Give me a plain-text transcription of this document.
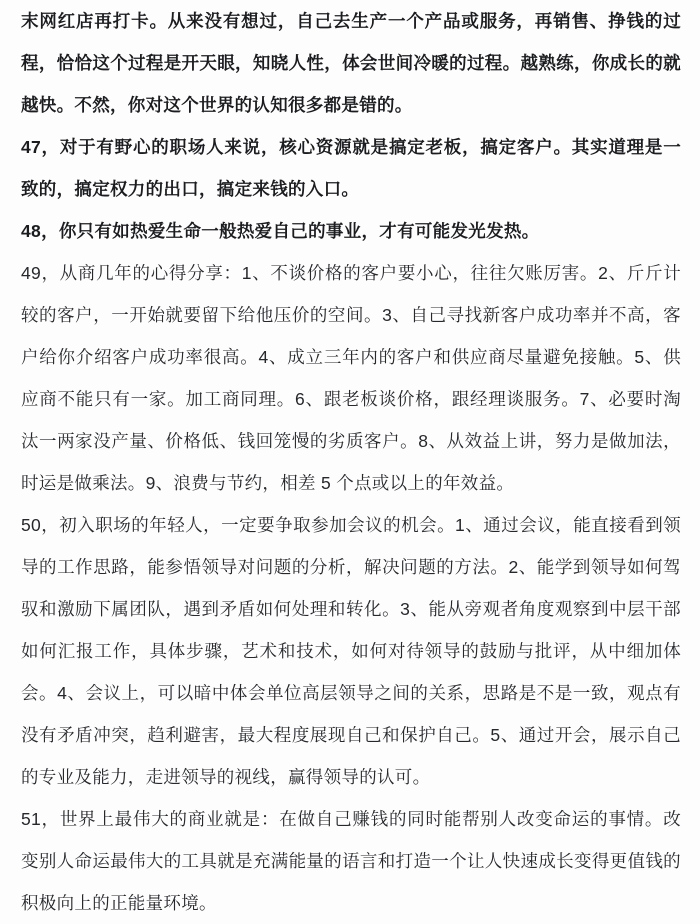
末网红店再打卡。从来没有想过，自己去生产一个产品或服务，再销售、挣钱的过程，恰恰这个过程是开天眼，知晓人性，体会世间冷暖的过程。越熟练，你成长的就越快。不然，你对这个世界的认知很多都是错的。

47，对于有野心的职场人来说，核心资源就是搞定老板，搞定客户。其实道理是一致的，搞定权力的出口，搞定来钱的入口。

48，你只有如热爱生命一般热爱自己的事业，才有可能发光发热。

49，从商几年的心得分享：1、不谈价格的客户要小心，往往欠账厉害。2、斤斤计较的客户，一开始就要留下给他压价的空间。3、自己寻找新客户成功率并不高，客户给你介绍客户成功率很高。4、成立三年内的客户和供应商尽量避免接触。5、供应商不能只有一家。加工商同理。6、跟老板谈价格，跟经理谈服务。7、必要时淘汰一两家没产量、价格低、钱回笼慢的劣质客户。8、从效益上讲，努力是做加法，时运是做乘法。9、浪费与节约，相差 5 个点或以上的年效益。

50，初入职场的年轻人，一定要争取参加会议的机会。1、通过会议，能直接看到领导的工作思路，能参悟领导对问题的分析，解决问题的方法。2、能学到领导如何驾驭和激励下属团队，遇到矛盾如何处理和转化。3、能从旁观者角度观察到中层干部如何汇报工作，具体步骤，艺术和技术，如何对待领导的鼓励与批评，从中细加体会。4、会议上，可以暗中体会单位高层领导之间的关系，思路是不是一致，观点有没有矛盾冲突，趋利避害，最大程度展现自己和保护自己。5、通过开会，展示自己的专业及能力，走进领导的视线，赢得领导的认可。

51，世界上最伟大的商业就是：在做自己赚钱的同时能帮别人改变命运的事情。改变别人命运最伟大的工具就是充满能量的语言和打造一个让人快速成长变得更值钱的积极向上的正能量环境。
